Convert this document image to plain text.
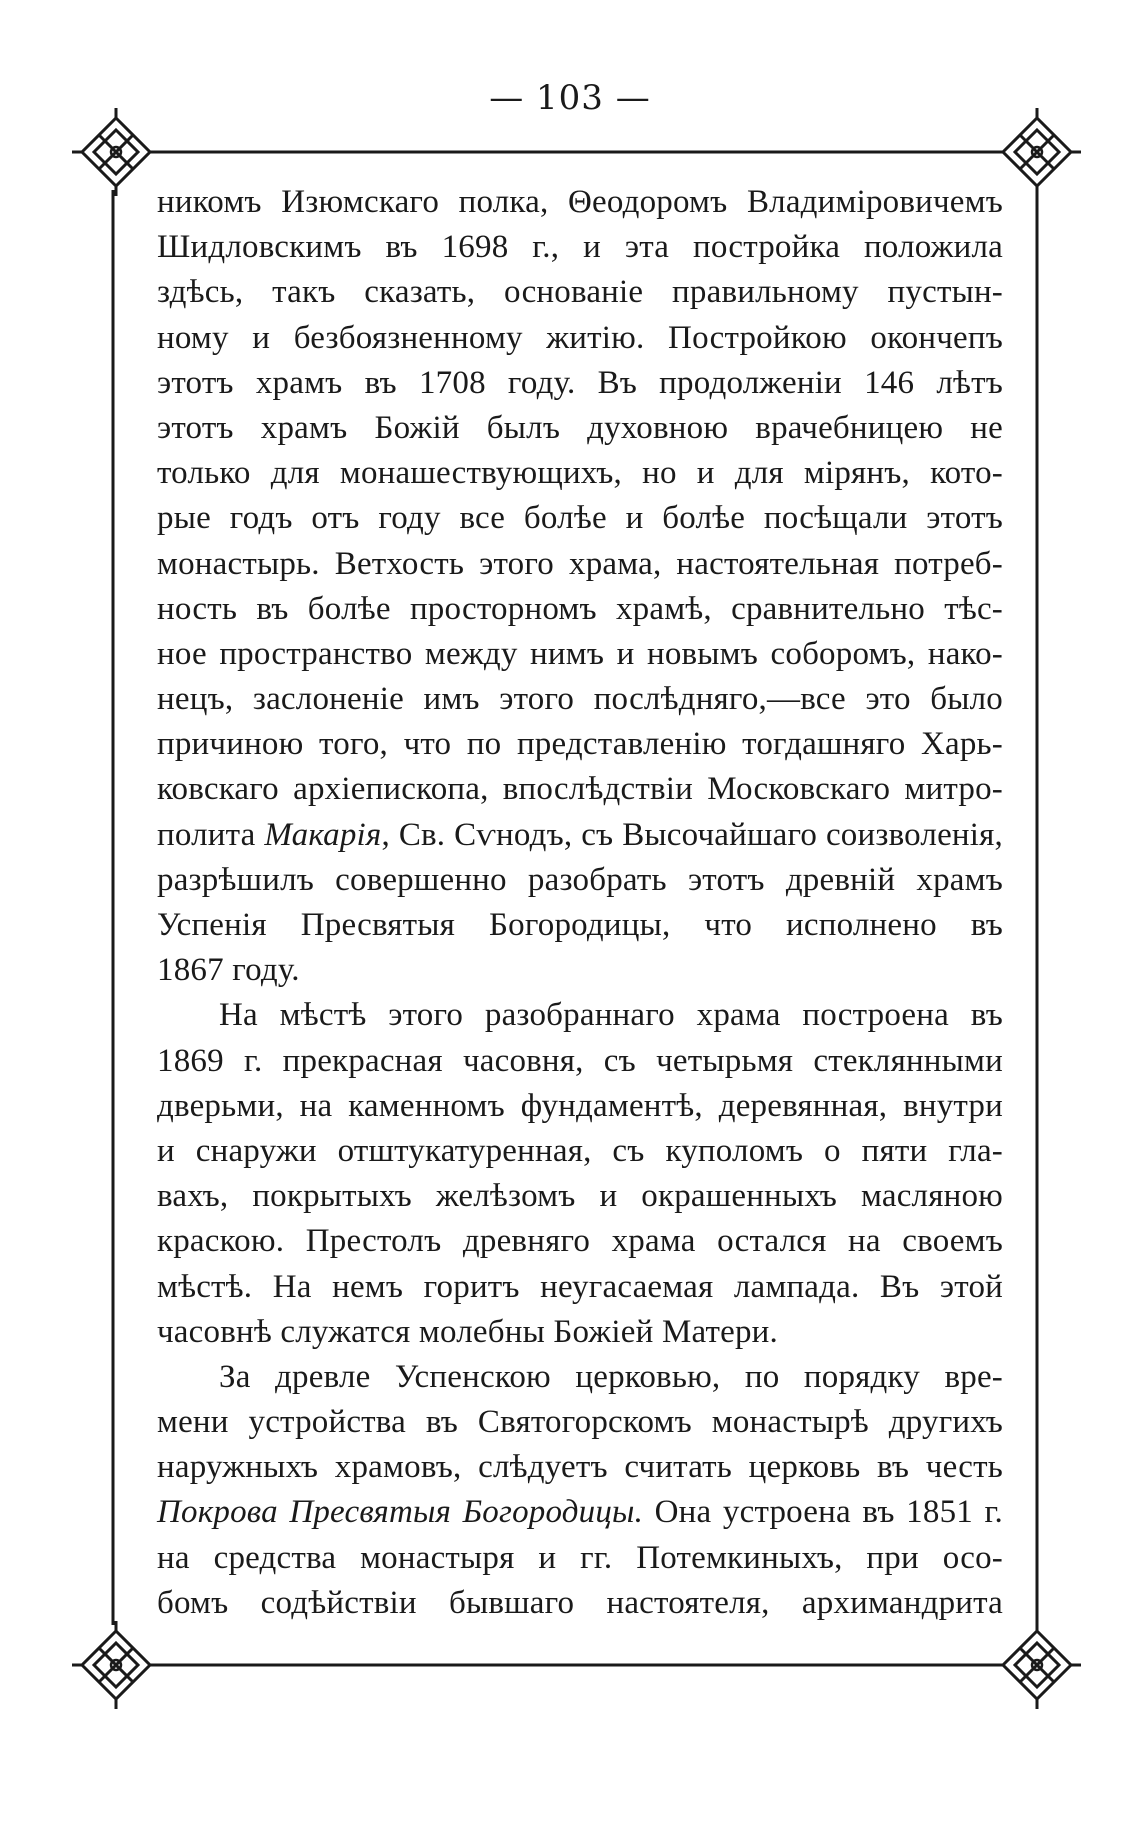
— 103 —
никомъ Изюмскаго полка, Θеодоромъ Владиміровичемъ
Шидловскимъ въ 1698 г., и эта постройка положила
здѣсь, такъ сказать, основаніе правильному пустын-
ному и безбоязненному житію. Постройкою окончепъ
этотъ храмъ въ 1708 году. Въ продолженіи 146 лѣтъ
этотъ храмъ Божій былъ духовною врачебницею не
только для монашествующихъ, но и для мірянъ, кото-
рые годъ отъ году все болѣе и болѣе посѣщали этотъ
монастырь. Ветхость этого храма, настоятельная потреб-
ность въ болѣе просторномъ храмѣ, сравнительно тѣс-
ное пространство между нимъ и новымъ соборомъ, нако-
нецъ, заслоненіе имъ этого послѣдняго,—все это было
причиною того, что по представленію тогдашняго Харь-
ковскаго архіепископа, впослѣдствіи Московскаго митро-
полита Макарія, Св. Сѵнодъ, съ Высочайшаго соизволенія,
разрѣшилъ совершенно разобрать этотъ древній храмъ
Успенія Пресвятыя Богородицы, что исполнено въ
1867 году.
На мѣстѣ этого разобраннаго храма построена въ
1869 г. прекрасная часовня, съ четырьмя стеклянными
дверьми, на каменномъ фундаментѣ, деревянная, внутри
и снаружи отштукатуренная, съ куполомъ о пяти гла-
вахъ, покрытыхъ желѣзомъ и окрашенныхъ масляною
краскою. Престолъ древняго храма остался на своемъ
мѣстѣ. На немъ горитъ неугасаемая лампада. Въ этой
часовнѣ служатся молебны Божіей Матери.
За древле Успенскою церковью, по порядку вре-
мени устройства въ Святогорскомъ монастырѣ другихъ
наружныхъ храмовъ, слѣдуетъ считать церковь въ честь
Покрова Пресвятыя Богородицы. Она устроена въ 1851 г.
на средства монастыря и гг. Потемкиныхъ, при осо-
бомъ содѣйствіи бывшаго настоятеля, архимандрита
